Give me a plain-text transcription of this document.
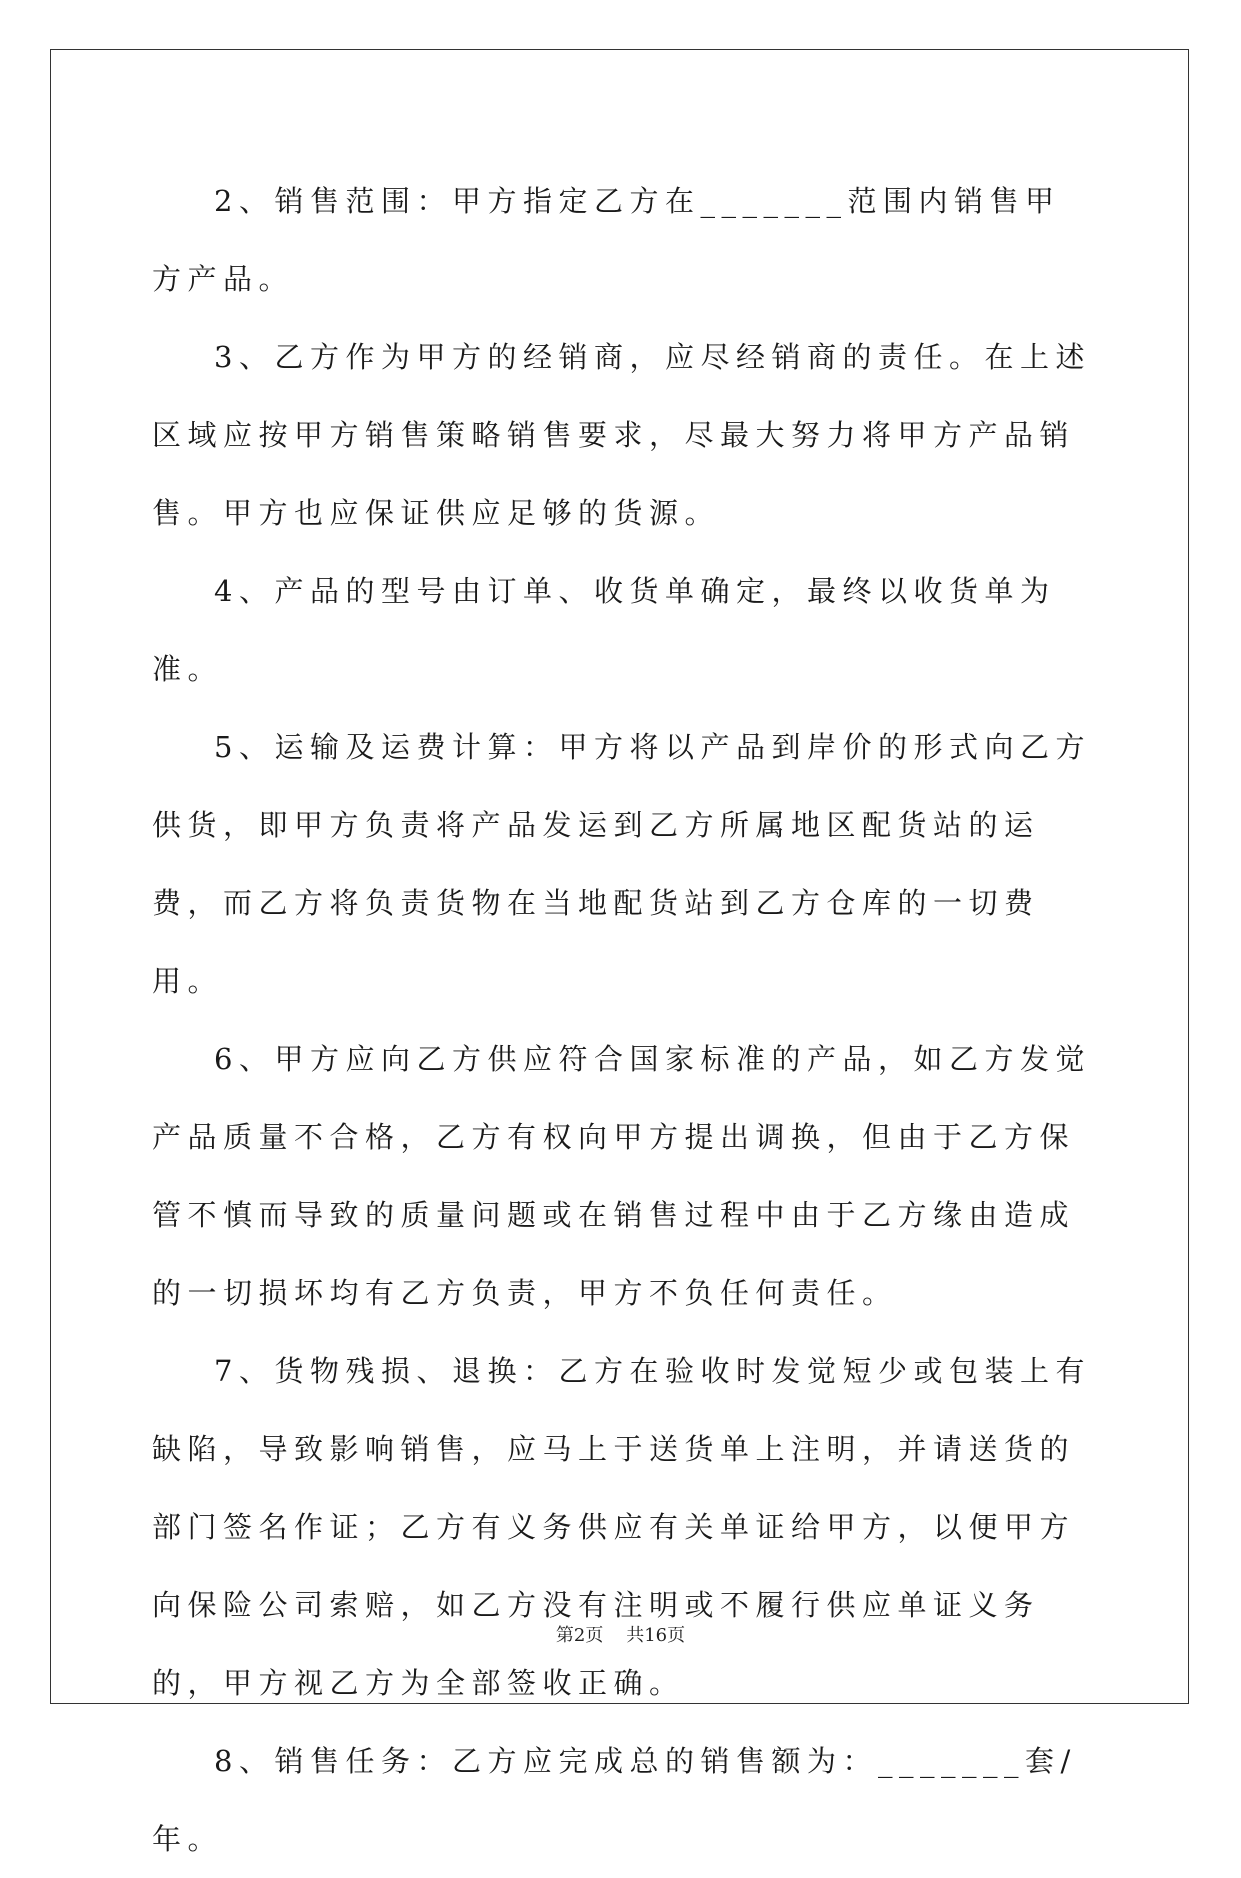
2、销售范围：甲方指定乙方在_______范围内销售甲方产品。

3、乙方作为甲方的经销商，应尽经销商的责任。在上述区域应按甲方销售策略销售要求，尽最大努力将甲方产品销售。甲方也应保证供应足够的货源。

4、产品的型号由订单、收货单确定，最终以收货单为准。

5、运输及运费计算：甲方将以产品到岸价的形式向乙方供货，即甲方负责将产品发运到乙方所属地区配货站的运费，而乙方将负责货物在当地配货站到乙方仓库的一切费用。

6、甲方应向乙方供应符合国家标准的产品，如乙方发觉产品质量不合格，乙方有权向甲方提出调换，但由于乙方保管不慎而导致的质量问题或在销售过程中由于乙方缘由造成的一切损坏均有乙方负责，甲方不负任何责任。

7、货物残损、退换：乙方在验收时发觉短少或包装上有缺陷，导致影响销售，应马上于送货单上注明，并请送货的部门签名作证；乙方有义务供应有关单证给甲方，以便甲方向保险公司索赔，如乙方没有注明或不履行供应单证义务的，甲方视乙方为全部签收正确。

8、销售任务：乙方应完成总的销售额为：_______套/年。

第2页 共16页
